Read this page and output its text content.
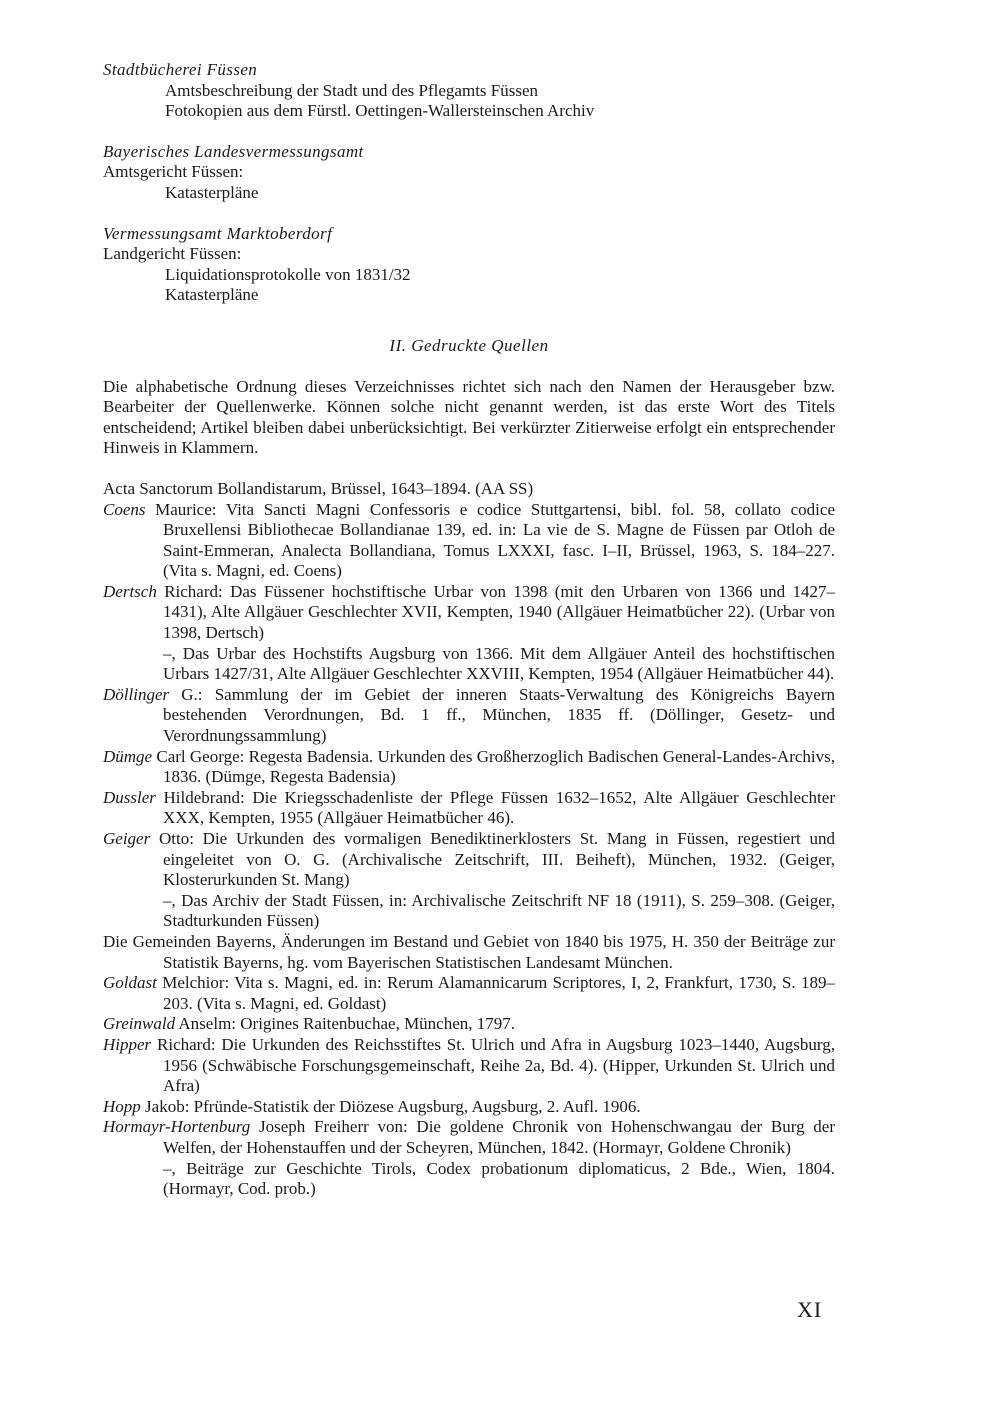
Stadtbücherei Füssen
Amtsbeschreibung der Stadt und des Pflegamts Füssen
Fotokopien aus dem Fürstl. Oettingen-Wallersteinschen Archiv
Bayerisches Landesvermessungsamt
Amtsgericht Füssen:
Katasterpläne
Vermessungsamt Marktoberdorf
Landgericht Füssen:
Liquidationsprotokolle von 1831/32
Katasterpläne
II. Gedruckte Quellen
Die alphabetische Ordnung dieses Verzeichnisses richtet sich nach den Namen der Herausgeber bzw. Bearbeiter der Quellenwerke. Können solche nicht genannt werden, ist das erste Wort des Titels entscheidend; Artikel bleiben dabei unberücksichtigt. Bei verkürzter Zitierweise erfolgt ein entsprechender Hinweis in Klammern.
Acta Sanctorum Bollandistarum, Brüssel, 1643–1894. (AA SS)
Coens Maurice: Vita Sancti Magni Confessoris e codice Stuttgartensi, bibl. fol. 58, collato codice Bruxellensi Bibliothecae Bollandianae 139, ed. in: La vie de S. Magne de Füssen par Otloh de Saint-Emmeran, Analecta Bollandiana, Tomus LXXXI, fasc. I–II, Brüssel, 1963, S. 184–227. (Vita s. Magni, ed. Coens)
Dertsch Richard: Das Füssener hochstiftische Urbar von 1398 (mit den Urbaren von 1366 und 1427–1431), Alte Allgäuer Geschlechter XVII, Kempten, 1940 (Allgäuer Heimatbücher 22). (Urbar von 1398, Dertsch)
–, Das Urbar des Hochstifts Augsburg von 1366. Mit dem Allgäuer Anteil des hochstiftischen Urbars 1427/31, Alte Allgäuer Geschlechter XXVIII, Kempten, 1954 (Allgäuer Heimatbücher 44).
Döllinger G.: Sammlung der im Gebiet der inneren Staats-Verwaltung des Königreichs Bayern bestehenden Verordnungen, Bd. 1 ff., München, 1835 ff. (Döllinger, Gesetz- und Verordnungssammlung)
Dümge Carl George: Regesta Badensia. Urkunden des Großherzoglich Badischen General-Landes-Archivs, 1836. (Dümge, Regesta Badensia)
Dussler Hildebrand: Die Kriegsschadenliste der Pflege Füssen 1632–1652, Alte Allgäuer Geschlechter XXX, Kempten, 1955 (Allgäuer Heimatbücher 46).
Geiger Otto: Die Urkunden des vormaligen Benediktinerklosters St. Mang in Füssen, regestiert und eingeleitet von O. G. (Archivalische Zeitschrift, III. Beiheft), München, 1932. (Geiger, Klosterurkunden St. Mang)
–, Das Archiv der Stadt Füssen, in: Archivalische Zeitschrift NF 18 (1911), S. 259–308. (Geiger, Stadturkunden Füssen)
Die Gemeinden Bayerns, Änderungen im Bestand und Gebiet von 1840 bis 1975, H. 350 der Beiträge zur Statistik Bayerns, hg. vom Bayerischen Statistischen Landesamt München.
Goldast Melchior: Vita s. Magni, ed. in: Rerum Alamannicarum Scriptores, I, 2, Frankfurt, 1730, S. 189–203. (Vita s. Magni, ed. Goldast)
Greinwald Anselm: Origines Raitenbuchae, München, 1797.
Hipper Richard: Die Urkunden des Reichsstiftes St. Ulrich und Afra in Augsburg 1023–1440, Augsburg, 1956 (Schwäbische Forschungsgemeinschaft, Reihe 2a, Bd. 4). (Hipper, Urkunden St. Ulrich und Afra)
Hopp Jakob: Pfründe-Statistik der Diözese Augsburg, Augsburg, 2. Aufl. 1906.
Hormayr-Hortenburg Joseph Freiherr von: Die goldene Chronik von Hohenschwangau der Burg der Welfen, der Hohenstauffen und der Scheyren, München, 1842. (Hormayr, Goldene Chronik)
–, Beiträge zur Geschichte Tirols, Codex probationum diplomaticus, 2 Bde., Wien, 1804. (Hormayr, Cod. prob.)
XI
